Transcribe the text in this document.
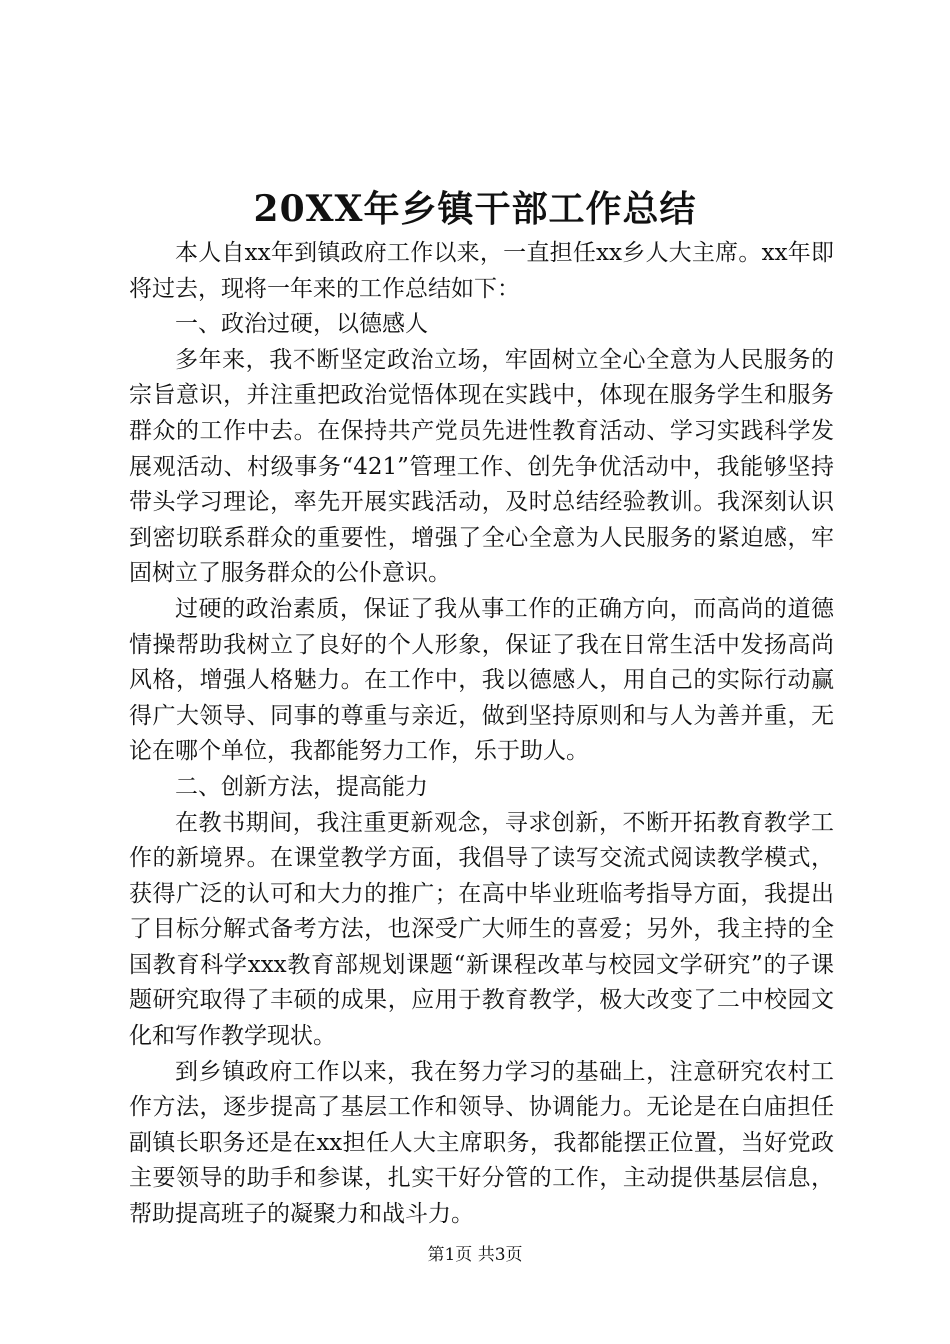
20XX年乡镇干部工作总结

本人自xx年到镇政府工作以来，一直担任xx乡人大主席。xx年即将过去，现将一年来的工作总结如下：

一、政治过硬，以德感人

多年来，我不断坚定政治立场，牢固树立全心全意为人民服务的宗旨意识，并注重把政治觉悟体现在实践中，体现在服务学生和服务群众的工作中去。在保持共产党员先进性教育活动、学习实践科学发展观活动、村级事务“421”管理工作、创先争优活动中，我能够坚持带头学习理论，率先开展实践活动，及时总结经验教训。我深刻认识到密切联系群众的重要性，增强了全心全意为人民服务的紧迫感，牢固树立了服务群众的公仆意识。

过硬的政治素质，保证了我从事工作的正确方向，而高尚的道德情操帮助我树立了良好的个人形象，保证了我在日常生活中发扬高尚风格，增强人格魅力。在工作中，我以德感人，用自己的实际行动赢得广大领导、同事的尊重与亲近，做到坚持原则和与人为善并重，无论在哪个单位，我都能努力工作，乐于助人。

二、创新方法，提高能力

在教书期间，我注重更新观念，寻求创新，不断开拓教育教学工作的新境界。在课堂教学方面，我倡导了读写交流式阅读教学模式，获得广泛的认可和大力的推广；在高中毕业班临考指导方面，我提出了目标分解式备考方法，也深受广大师生的喜爱；另外，我主持的全国教育科学xxx教育部规划课题“新课程改革与校园文学研究”的子课题研究取得了丰硕的成果，应用于教育教学，极大改变了二中校园文化和写作教学现状。

到乡镇政府工作以来，我在努力学习的基础上，注意研究农村工作方法，逐步提高了基层工作和领导、协调能力。无论是在白庙担任副镇长职务还是在xx担任人大主席职务，我都能摆正位置，当好党政主要领导的助手和参谋，扎实干好分管的工作，主动提供基层信息，帮助提高班子的凝聚力和战斗力。

第1页 共3页
